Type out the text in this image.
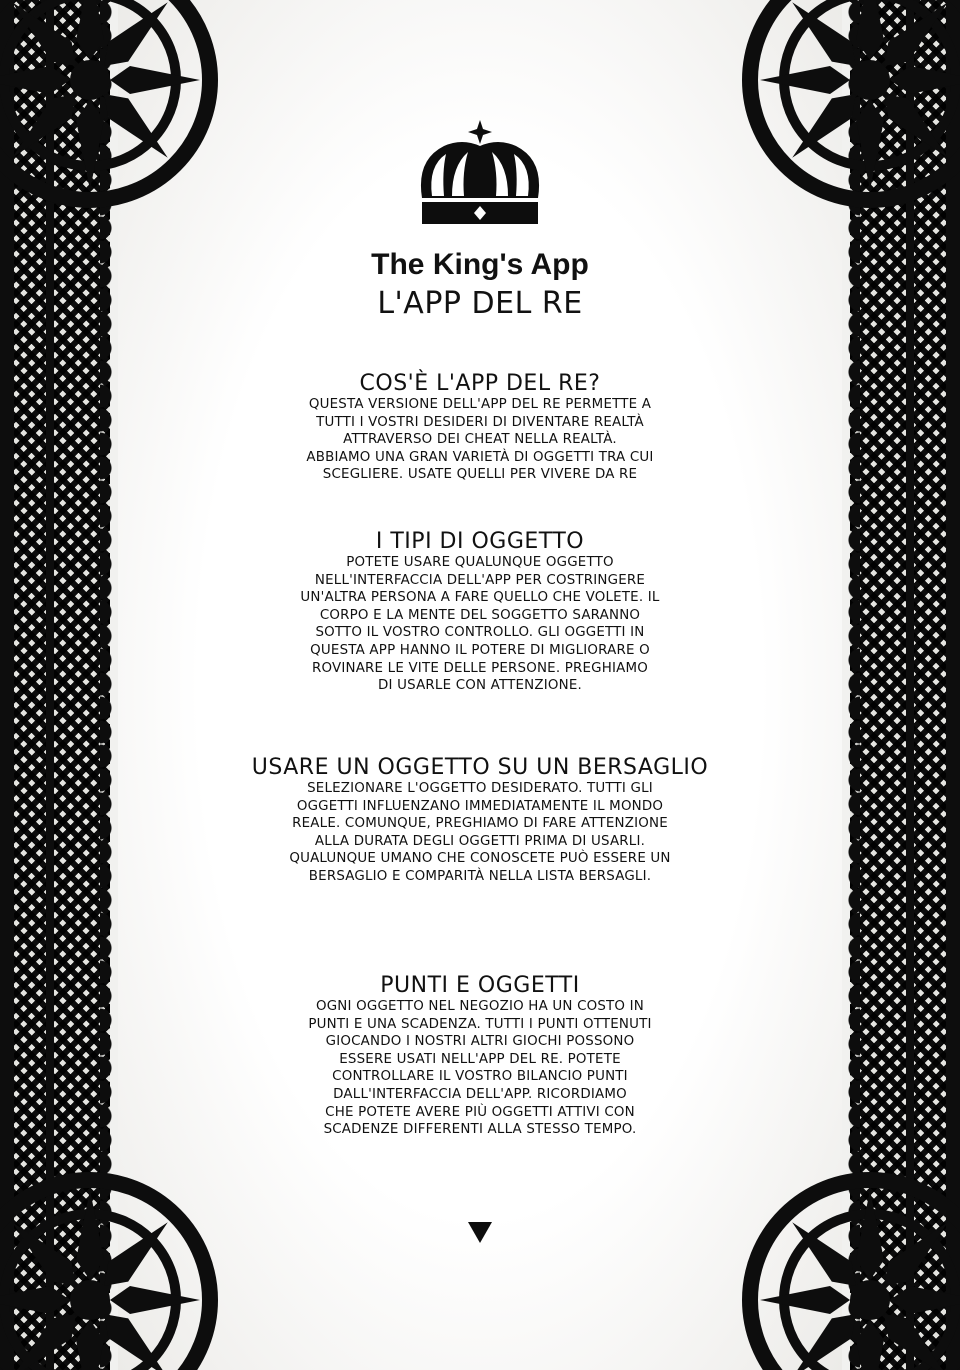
The King's App
L'APP DEL RE
COS'È L'APP DEL RE?

QUESTA VERSIONE DELL'APP DEL RE PERMETTE A
TUTTI I VOSTRI DESIDERI DI DIVENTARE REALTÀ
ATTRAVERSO DEI CHEAT NELLA REALTÀ.
ABBIAMO UNA GRAN VARIETÀ DI OGGETTI TRA CUI
SCEGLIERE. USATE QUELLI PER VIVERE DA RE

I TIPI DI OGGETTO

POTETE USARE QUALUNQUE OGGETTO
NELL'INTERFACCIA DELL'APP PER COSTRINGERE
UN'ALTRA PERSONA A FARE QUELLO CHE VOLETE. IL
CORPO E LA MENTE DEL SOGGETTO SARANNO
SOTTO IL VOSTRO CONTROLLO. GLI OGGETTI IN
QUESTA APP HANNO IL POTERE DI MIGLIORARE O
ROVINARE LE VITE DELLE PERSONE. PREGHIAMO
DI USARLE CON ATTENZIONE.

USARE UN OGGETTO SU UN BERSAGLIO

SELEZIONARE L'OGGETTO DESIDERATO. TUTTI GLI
OGGETTI INFLUENZANO IMMEDIATAMENTE IL MONDO
REALE. COMUNQUE, PREGHIAMO DI FARE ATTENZIONE
ALLA DURATA DEGLI OGGETTI PRIMA DI USARLI.
QUALUNQUE UMANO CHE CONOSCETE PUÒ ESSERE UN
BERSAGLIO E COMPARITÀ NELLA LISTA BERSAGLI.

PUNTI E OGGETTI

OGNI OGGETTO NEL NEGOZIO HA UN COSTO IN
PUNTI E UNA SCADENZA. TUTTI I PUNTI OTTENUTI
GIOCANDO I NOSTRI ALTRI GIOCHI POSSONO
ESSERE USATI NELL'APP DEL RE. POTETE
CONTROLLARE IL VOSTRO BILANCIO PUNTI
DALL'INTERFACCIA DELL'APP. RICORDIAMO
CHE POTETE AVERE PIÙ OGGETTI ATTIVI CON
SCADENZE DIFFERENTI ALLA STESSO TEMPO.
